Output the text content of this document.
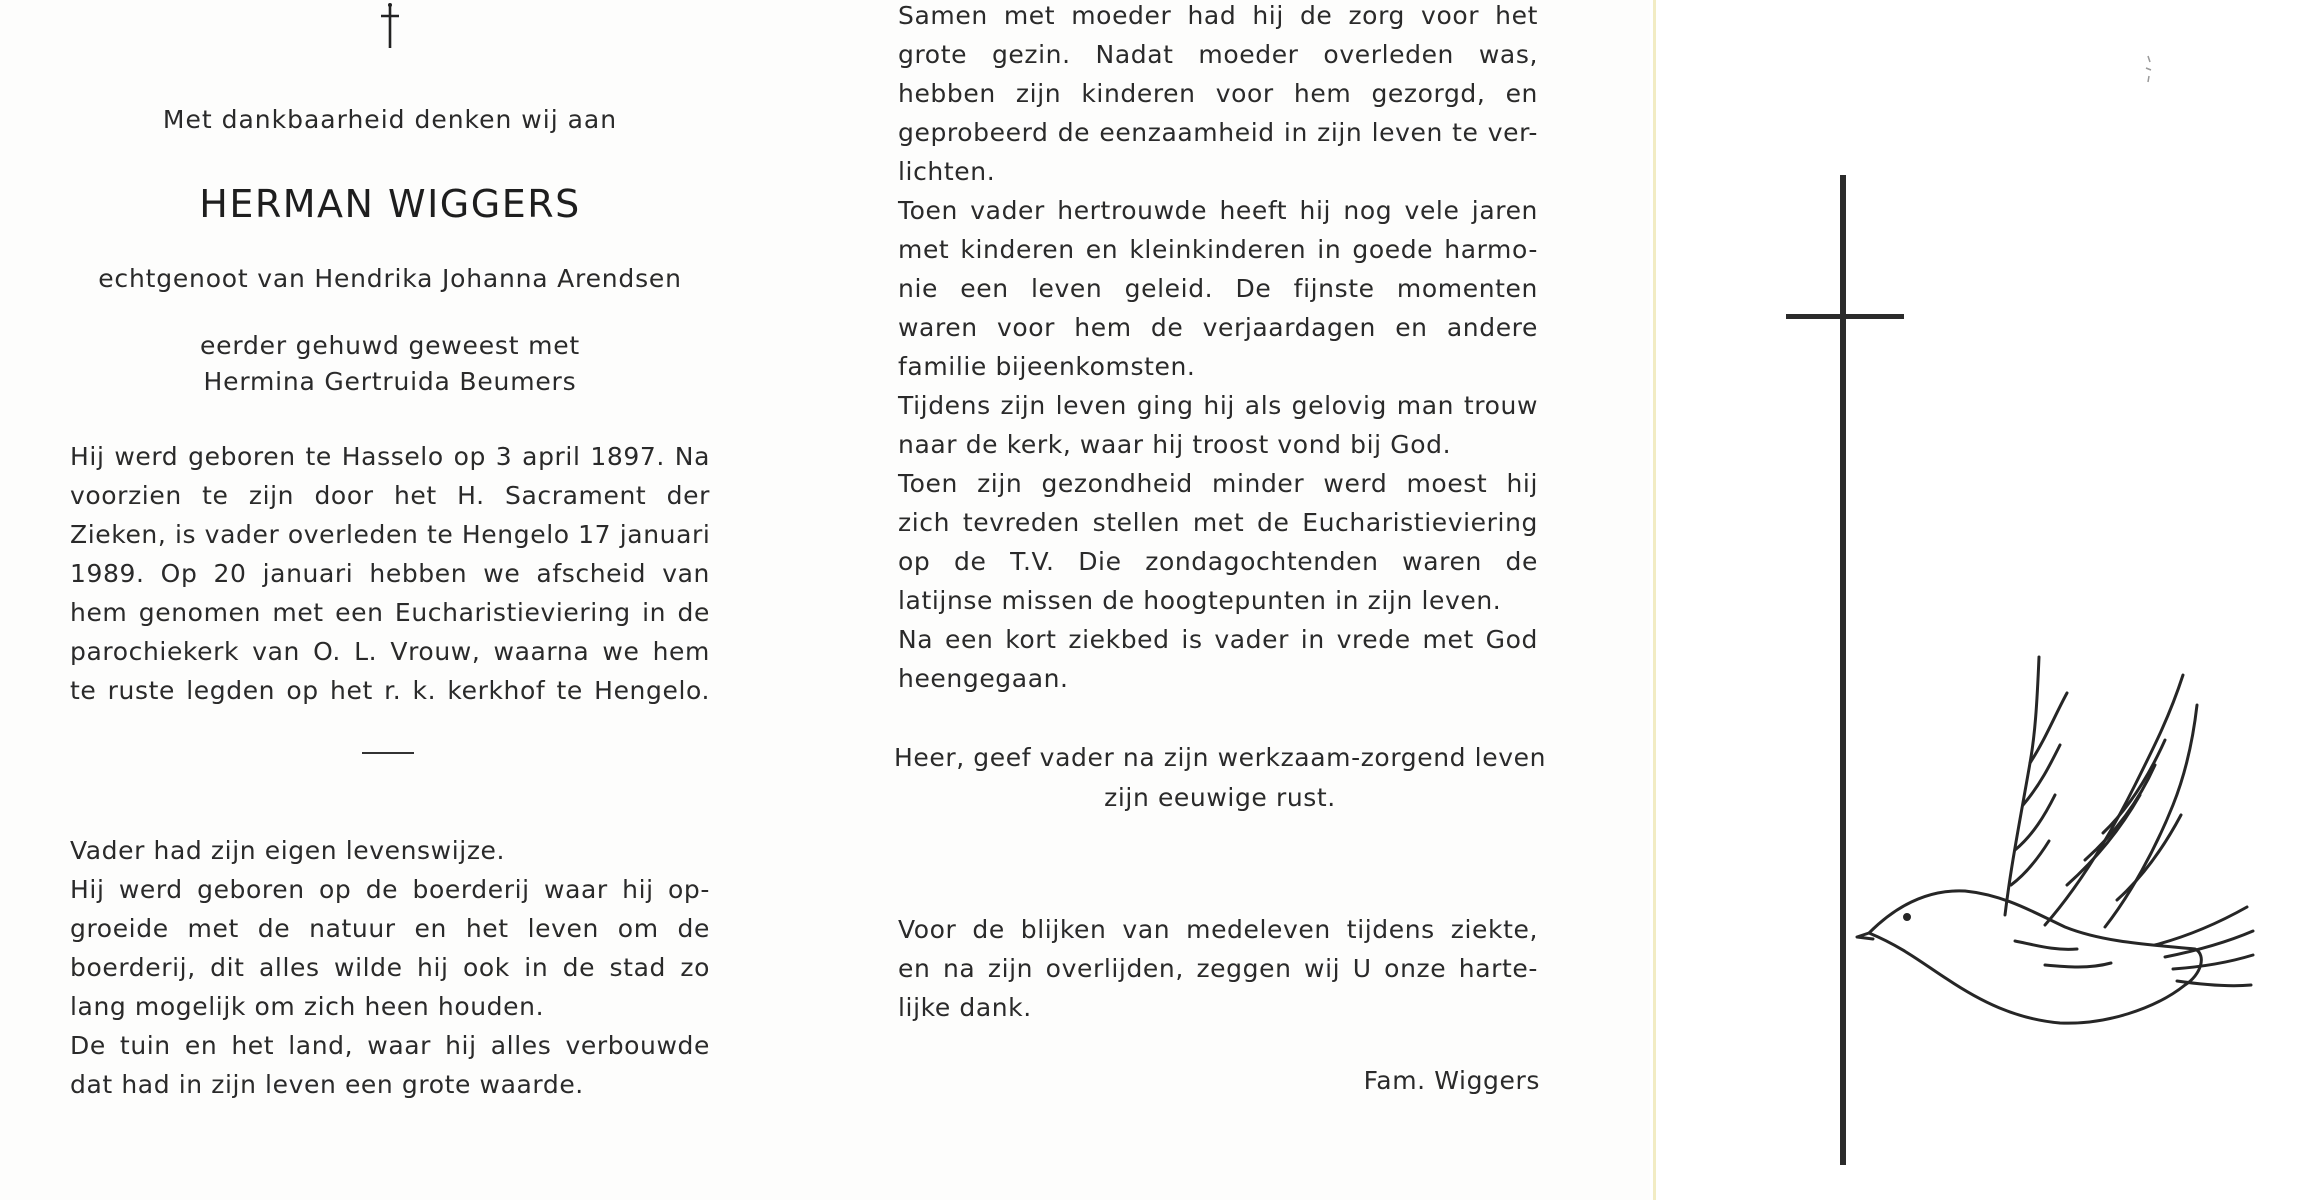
Met dankbaarheid denken wij aan
HERMAN WIGGERS
echtgenoot van Hendrika Johanna Arendsen
eerder gehuwd geweest met
Hermina Gertruida Beumers
Hij werd geboren te Hasselo op 3 april 1897. Na
voorzien te zijn door het H. Sacrament der
Zieken, is vader overleden te Hengelo 17 januari
1989. Op 20 januari hebben we afscheid van
hem genomen met een Eucharistieviering in de
parochiekerk van O. L. Vrouw, waarna we hem
te ruste legden op het r. k. kerkhof te Hengelo.
Vader had zijn eigen levenswijze.
Hij werd geboren op de boerderij waar hij op-
groeide met de natuur en het leven om de
boerderij, dit alles wilde hij ook in de stad zo
lang mogelijk om zich heen houden.
De tuin en het land, waar hij alles verbouwde
dat had in zijn leven een grote waarde.
Samen met moeder had hij de zorg voor het
grote gezin. Nadat moeder overleden was,
hebben zijn kinderen voor hem gezorgd, en
geprobeerd de eenzaamheid in zijn leven te ver-
lichten.
Toen vader hertrouwde heeft hij nog vele jaren
met kinderen en kleinkinderen in goede harmo-
nie een leven geleid. De fijnste momenten
waren voor hem de verjaardagen en andere
familie bijeenkomsten.
Tijdens zijn leven ging hij als gelovig man trouw
naar de kerk, waar hij troost vond bij God.
Toen zijn gezondheid minder werd moest hij
zich tevreden stellen met de Eucharistieviering
op de T.V. Die zondagochtenden waren de
latijnse missen de hoogtepunten in zijn leven.
Na een kort ziekbed is vader in vrede met God
heengegaan.
Heer, geef vader na zijn werkzaam-zorgend leven
zijn eeuwige rust.
Voor de blijken van medeleven tijdens ziekte,
en na zijn overlijden, zeggen wij U onze harte-
lijke dank.
Fam. Wiggers
